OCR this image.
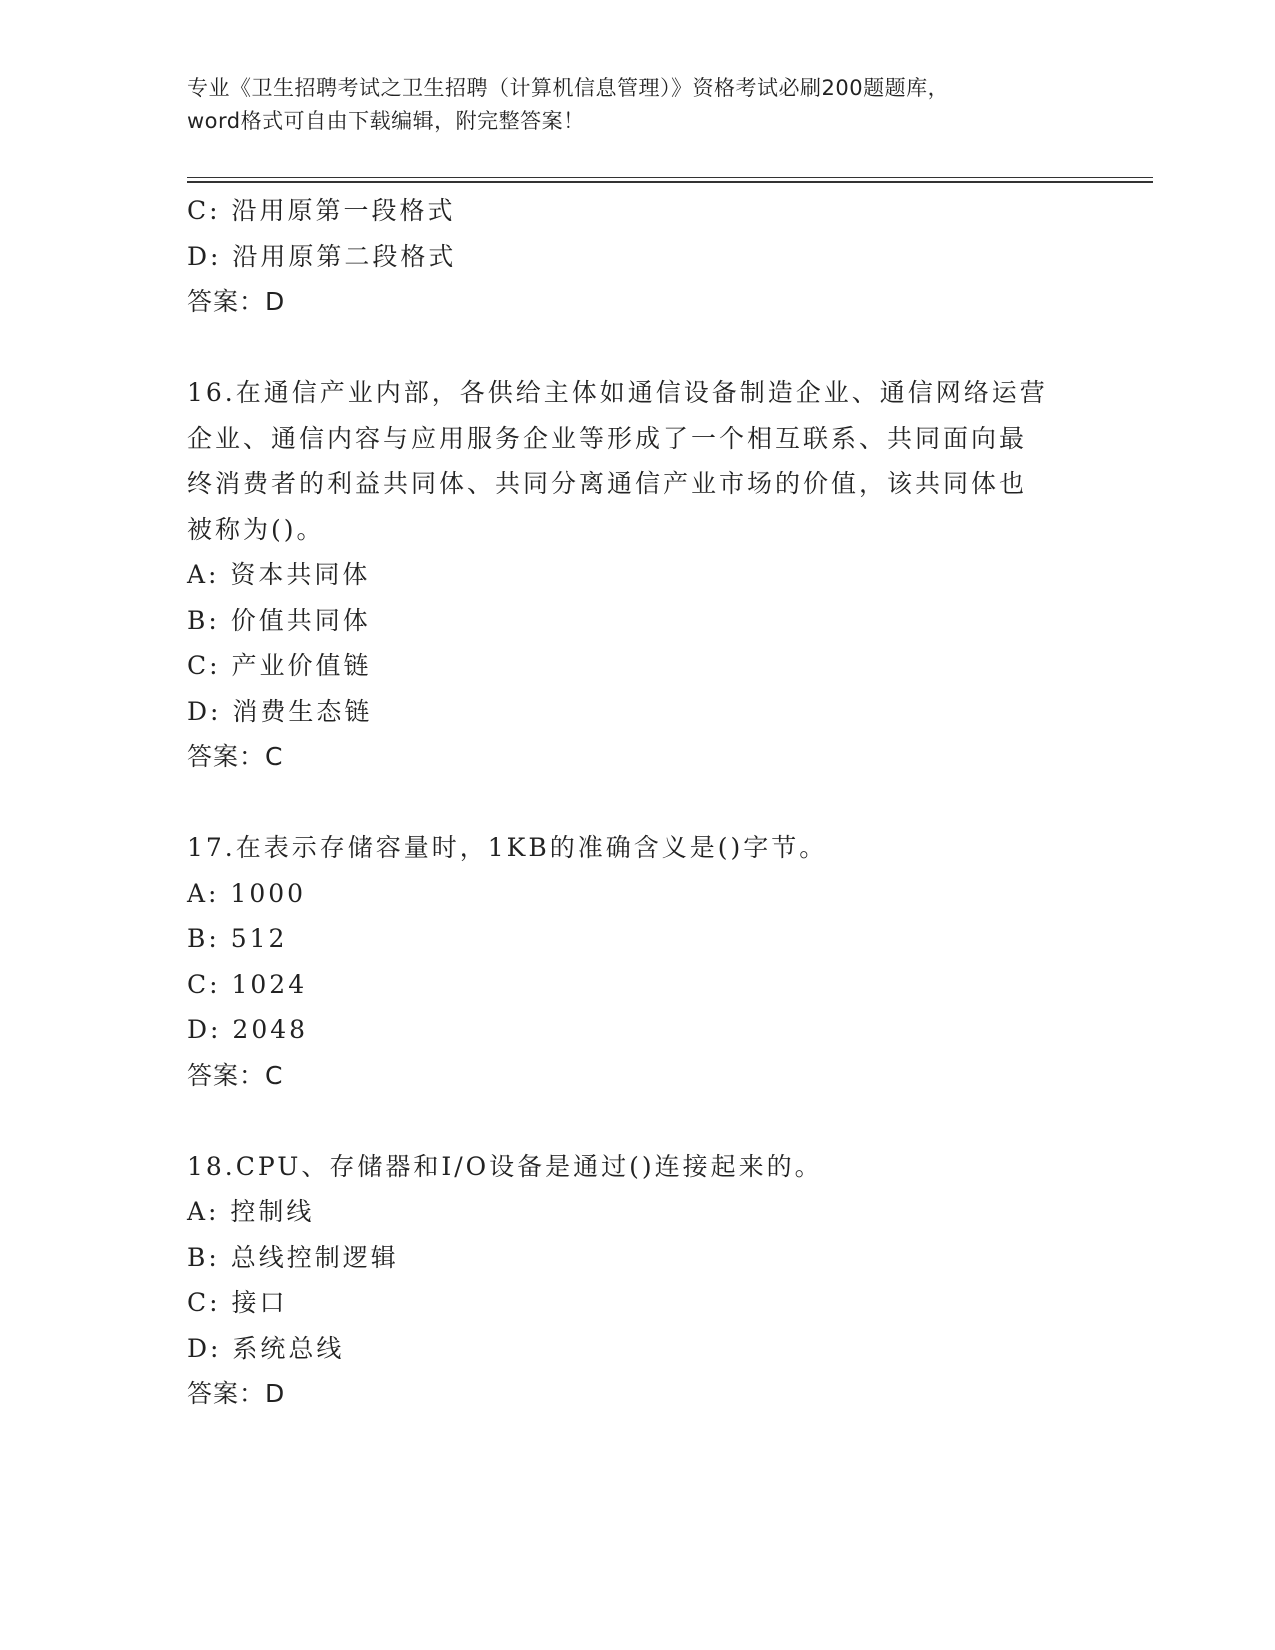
专业《卫生招聘考试之卫生招聘（计算机信息管理）》资格考试必刷200题题库，
word格式可自由下载编辑，附完整答案！
C: 沿用原第一段格式
D: 沿用原第二段格式
答案：D
16.在通信产业内部，各供给主体如通信设备制造企业、通信网络运营
企业、通信内容与应用服务企业等形成了一个相互联系、共同面向最
终消费者的利益共同体、共同分离通信产业市场的价值，该共同体也
被称为()。
A: 资本共同体
B: 价值共同体
C: 产业价值链
D: 消费生态链
答案：C
17.在表示存储容量时，1KB的准确含义是()字节。
A: 1000
B: 512
C: 1024
D: 2048
答案：C
18.CPU、存储器和I/O设备是通过()连接起来的。
A: 控制线
B: 总线控制逻辑
C: 接口
D: 系统总线
答案：D
